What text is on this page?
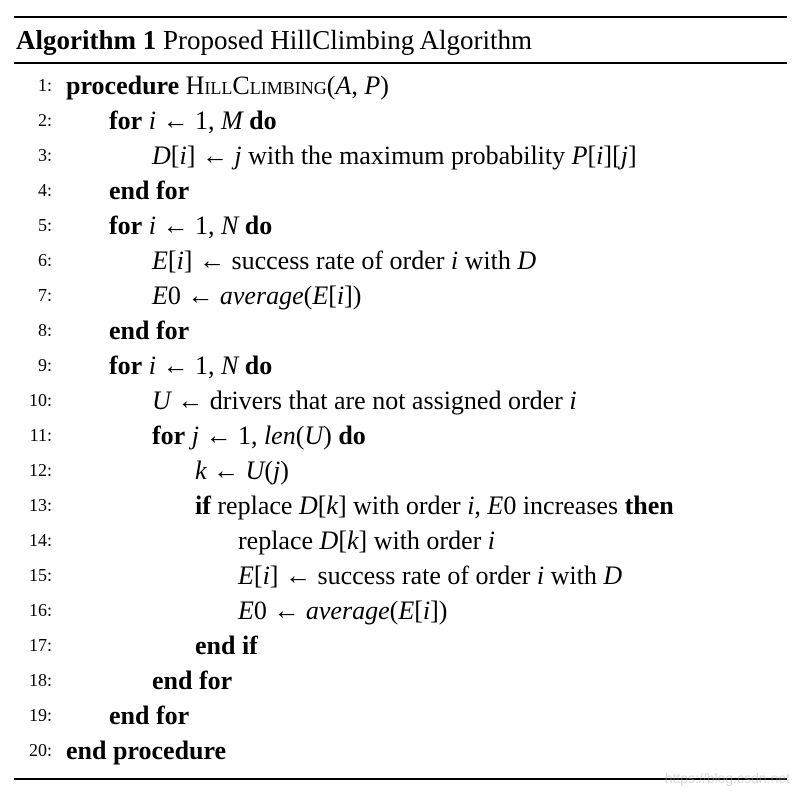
Algorithm 1 Proposed HillClimbing Algorithm
1: procedure HillClimbing(A, P)
2: for i ← 1, M do
3:	D[i] ← j with the maximum probability P[i][j]
4: end for
5: for i ← 1, N do
6:	E[i] ← success rate of order i with D
7:	E0 ← average(E[i])
8: end for
9: for i ← 1, N do
10:	U ← drivers that are not assigned order i
11:	for j ← 1, len(U) do
12:	k ← U(j)
13:	if replace D[k] with order i, E0 increases then
14:	replace D[k] with order i
15:	E[i] ← success rate of order i with D
16:	E0 ← average(E[i])
17:	end if
18:	end for
19: end for
20: end procedure
https://blog.csdn.net
